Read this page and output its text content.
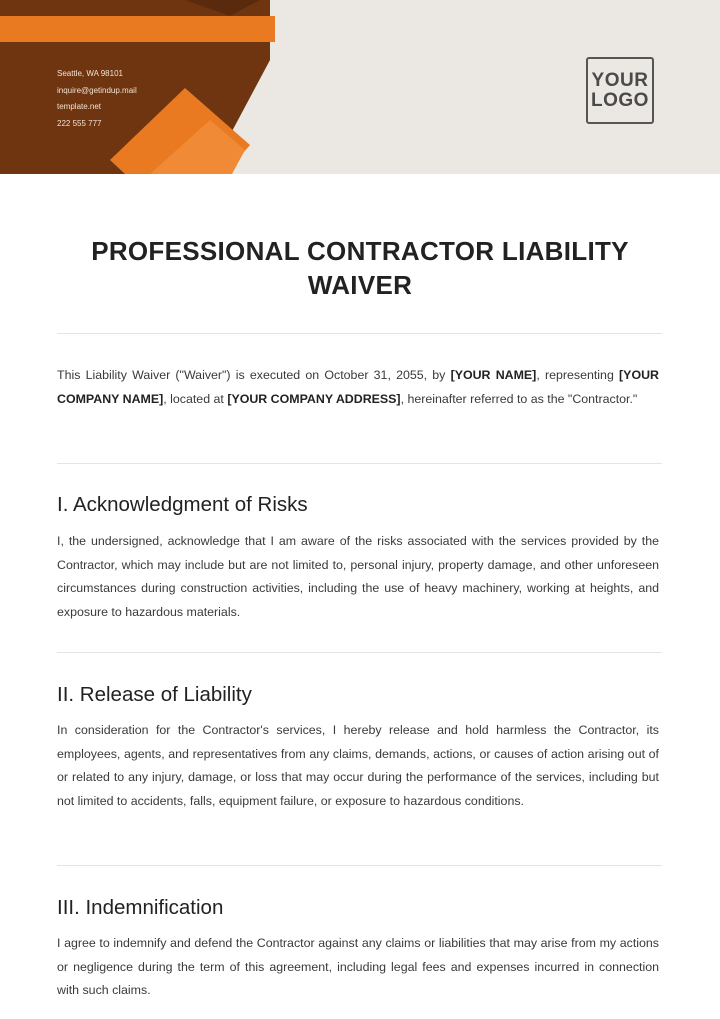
Seattle, WA 98101
inquire@getindup.mail
template.net
222 555 777
YOUR
LOGO
PROFESSIONAL CONTRACTOR LIABILITY WAIVER
This Liability Waiver ("Waiver") is executed on October 31, 2055, by [YOUR NAME], representing [YOUR COMPANY NAME], located at [YOUR COMPANY ADDRESS], hereinafter referred to as the "Contractor."
I. Acknowledgment of Risks
I, the undersigned, acknowledge that I am aware of the risks associated with the services provided by the Contractor, which may include but are not limited to, personal injury, property damage, and other unforeseen circumstances during construction activities, including the use of heavy machinery, working at heights, and exposure to hazardous materials.
II. Release of Liability
In consideration for the Contractor's services, I hereby release and hold harmless the Contractor, its employees, agents, and representatives from any claims, demands, actions, or causes of action arising out of or related to any injury, damage, or loss that may occur during the performance of the services, including but not limited to accidents, falls, equipment failure, or exposure to hazardous conditions.
III. Indemnification
I agree to indemnify and defend the Contractor against any claims or liabilities that may arise from my actions or negligence during the term of this agreement, including legal fees and expenses incurred in connection with such claims.
